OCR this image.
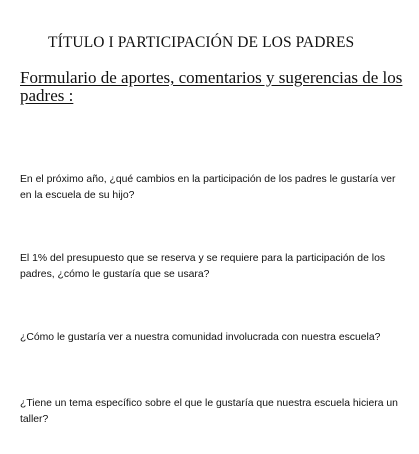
TÍTULO I PARTICIPACIÓN DE LOS PADRES
Formulario de aportes, comentarios y sugerencias de los padres :
En el próximo año, ¿qué cambios en la participación de los padres le gustaría ver en la escuela de su hijo?
El 1% del presupuesto que se reserva y se requiere para la participación de los padres, ¿cómo le gustaría que se usara?
¿Cómo le gustaría ver a nuestra comunidad involucrada con nuestra escuela?
¿Tiene un tema específico sobre el que le gustaría que nuestra escuela hiciera un taller?
